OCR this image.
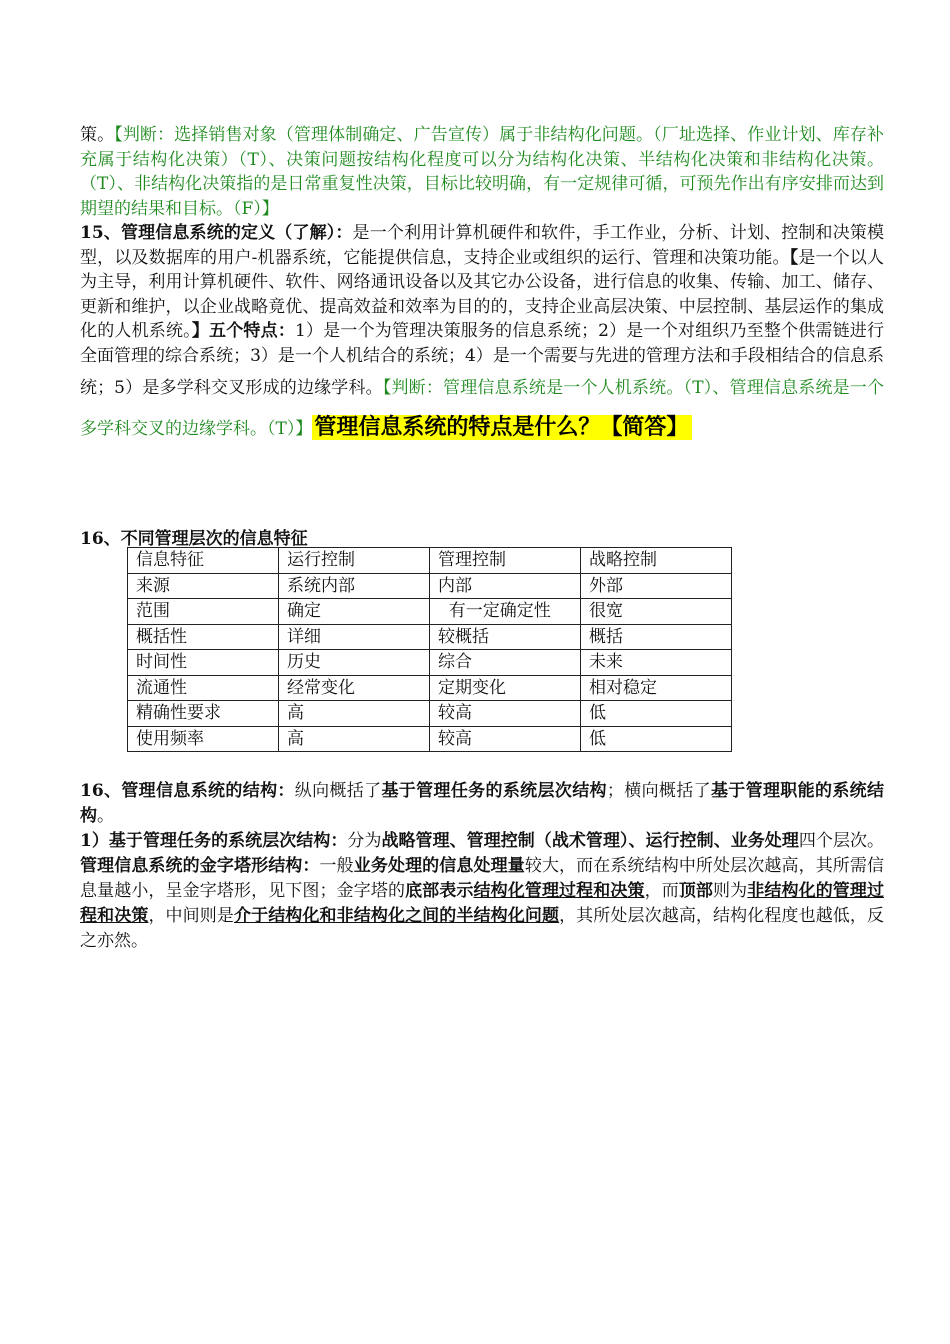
策。【判断：选择销售对象（管理体制确定、广告宣传）属于非结构化问题。（厂址选择、作业计划、库存补充属于结构化决策）（T）、决策问题按结构化程度可以分为结构化决策、半结构化决策和非结构化决策。（T）、非结构化决策指的是日常重复性决策，目标比较明确，有一定规律可循，可预先作出有序安排而达到期望的结果和目标。（F）】

15、管理信息系统的定义（了解）：是一个利用计算机硬件和软件，手工作业，分析、计划、控制和决策模型，以及数据库的用户-机器系统，它能提供信息，支持企业或组织的运行、管理和决策功能。【是一个以人为主导，利用计算机硬件、软件、网络通讯设备以及其它办公设备，进行信息的收集、传输、加工、储存、更新和维护，以企业战略竟优、提高效益和效率为目的的，支持企业高层决策、中层控制、基层运作的集成化的人机系统。】五个特点：1）是一个为管理决策服务的信息系统；2）是一个对组织乃至整个供需链进行全面管理的综合系统；3）是一个人机结合的系统；4）是一个需要与先进的管理方法和手段相结合的信息系统；5）是多学科交叉形成的边缘学科。【判断：管理信息系统是一个人机系统。（T）、管理信息系统是一个多学科交叉的边缘学科。（T）】管理信息系统的特点是什么？【简答】

16、不同管理层次的信息特征
信息特征	运行控制	管理控制	战略控制
来源	系统内部	内部	外部
范围	确定	有一定确定性	很宽
概括性	详细	较概括	概括
时间性	历史	综合	未来
流通性	经常变化	定期变化	相对稳定
精确性要求	高	较高	低
使用频率	高	较高	低

16、管理信息系统的结构：纵向概括了基于管理任务的系统层次结构；横向概括了基于管理职能的系统结构。

1）基于管理任务的系统层次结构：分为战略管理、管理控制（战术管理）、运行控制、业务处理四个层次。管理信息系统的金字塔形结构：一般业务处理的信息处理量较大，而在系统结构中所处层次越高，其所需信息量越小，呈金字塔形，见下图；金字塔的底部表示结构化管理过程和决策，而顶部则为非结构化的管理过程和决策，中间则是介于结构化和非结构化之间的半结构化问题，其所处层次越高，结构化程度也越低，反之亦然。
